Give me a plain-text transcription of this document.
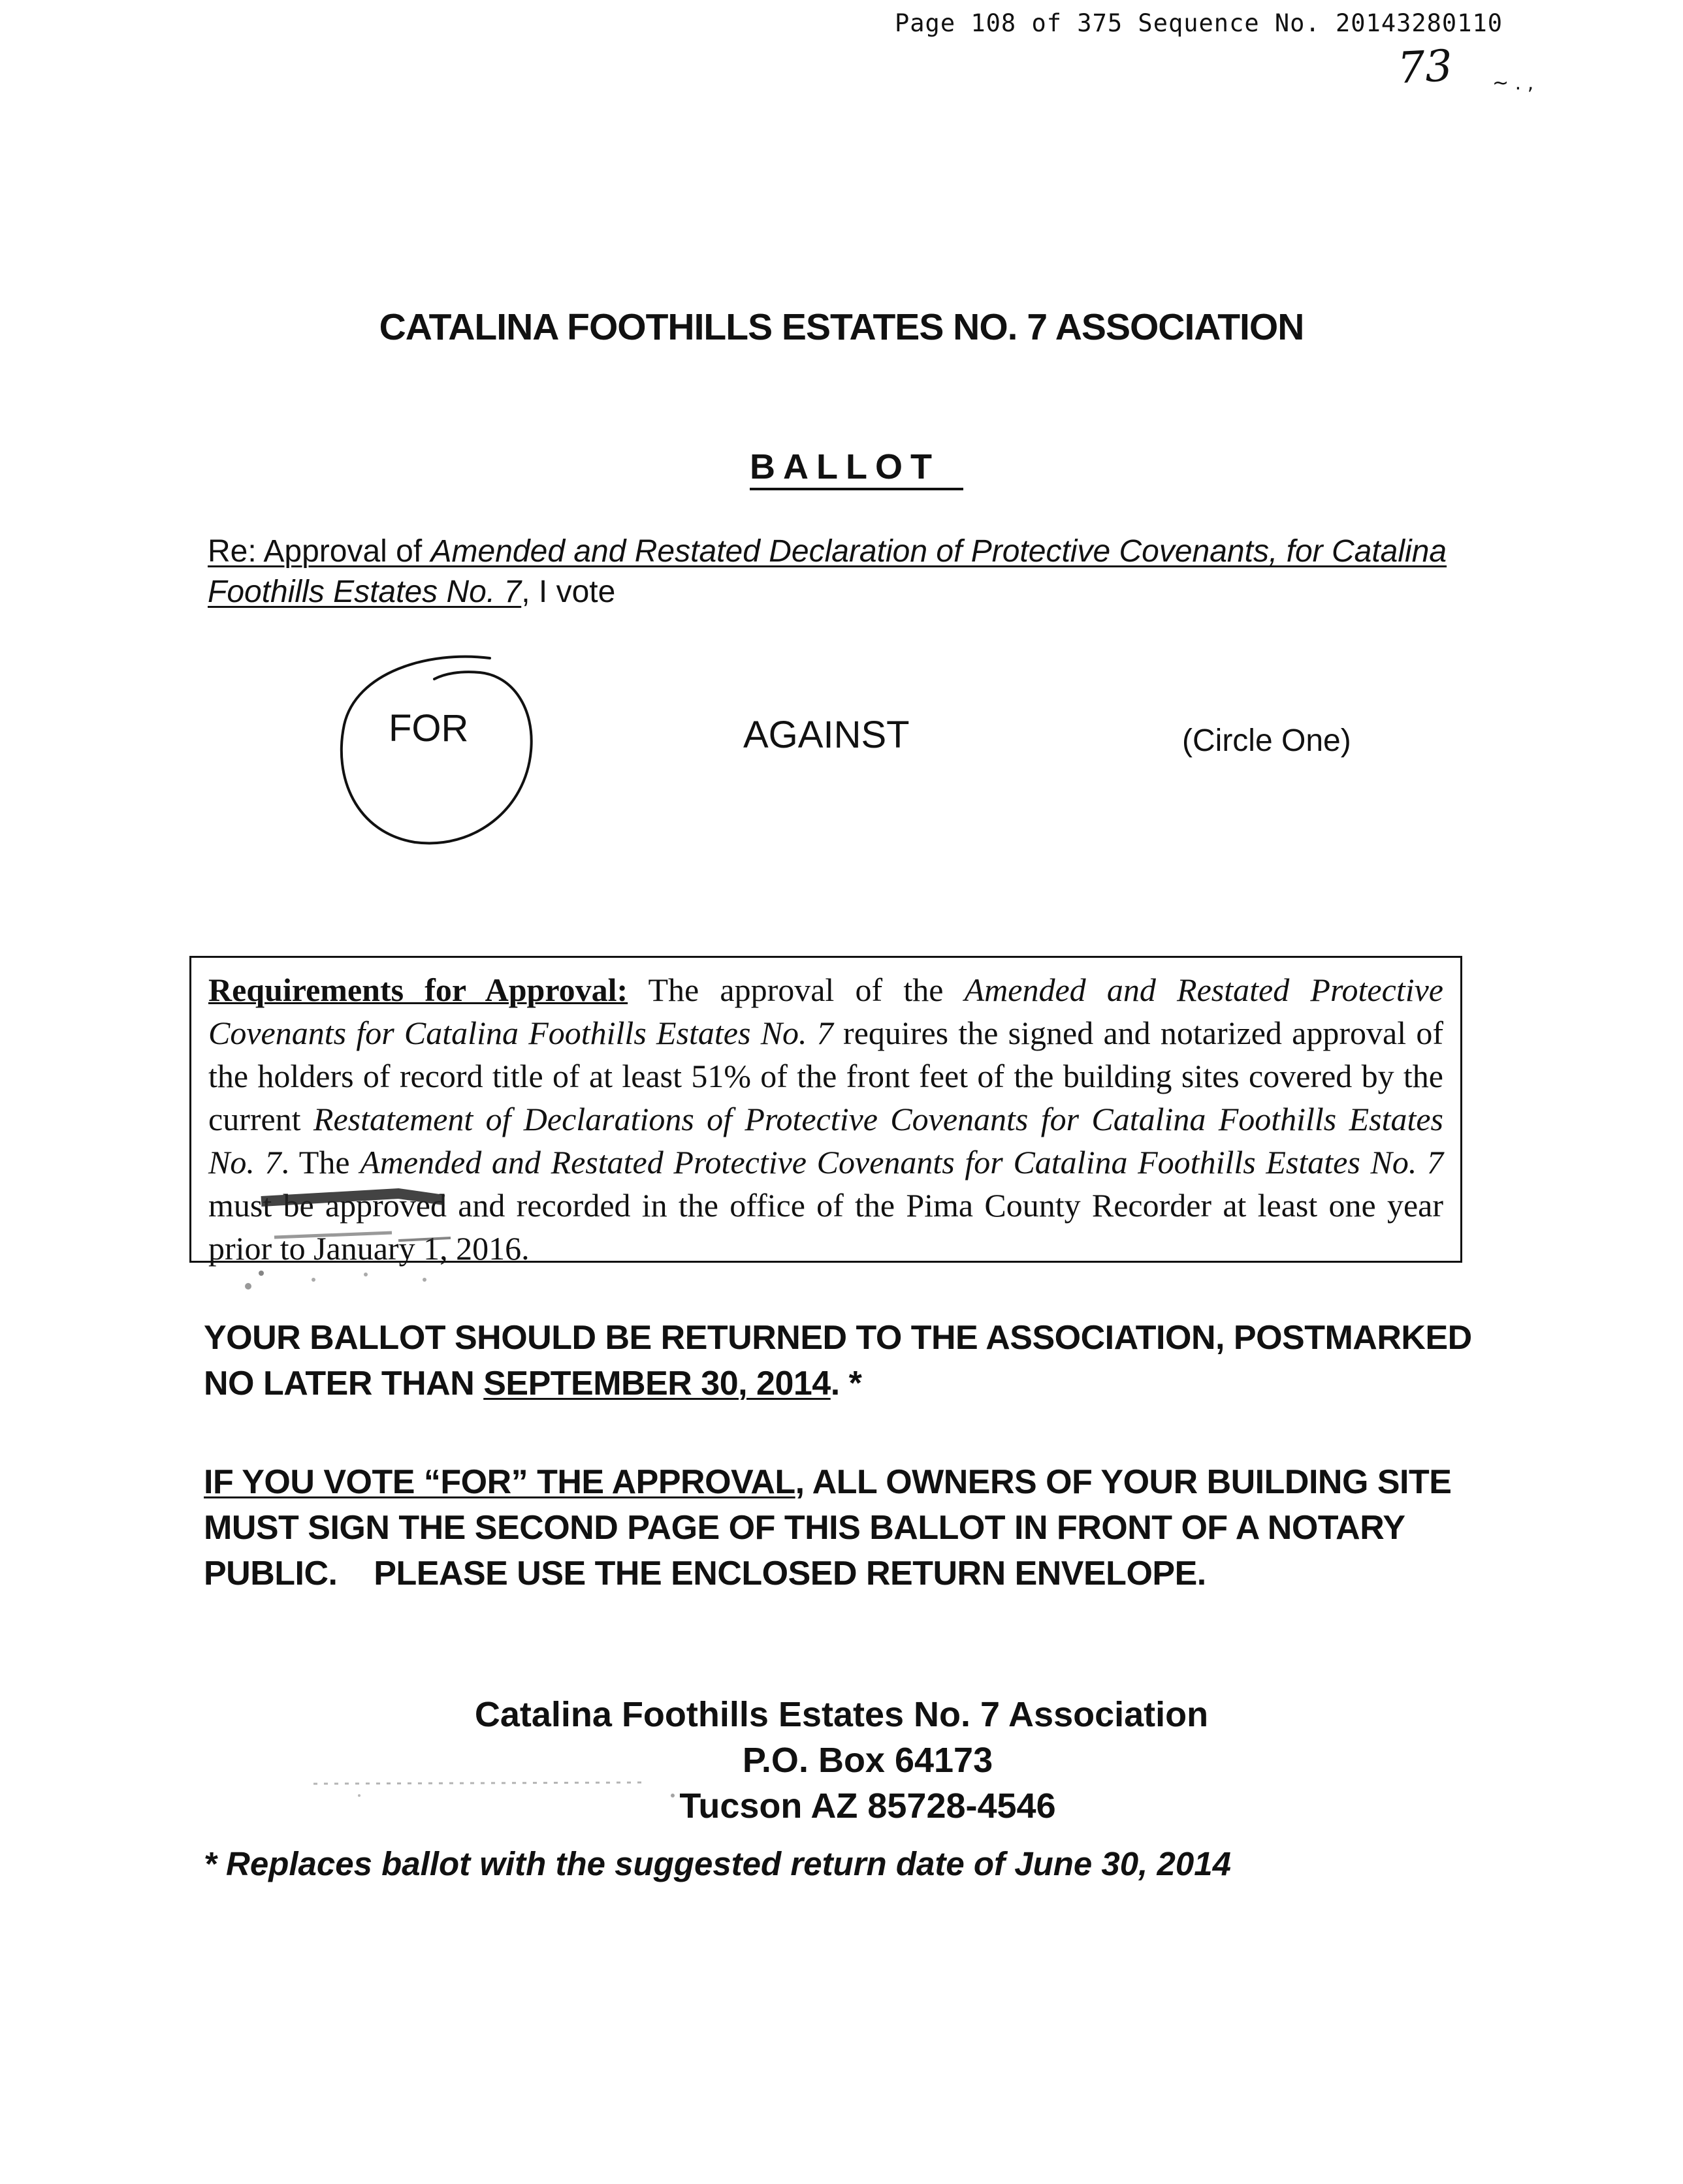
Page 108 of 375 Sequence No. 20143280110
73 ~ . ,
CATALINA FOOTHILLS ESTATES NO. 7 ASSOCIATION
BALLOT
Re: Approval of Amended and Restated Declaration of Protective Covenants, for Catalina Foothills Estates No. 7, I vote
FOR	AGAINST	(Circle One)
Requirements for Approval: The approval of the Amended and Restated Protective Covenants for Catalina Foothills Estates No. 7 requires the signed and notarized approval of the holders of record title of at least 51% of the front feet of the building sites covered by the current Restatement of Declarations of Protective Covenants for Catalina Foothills Estates No. 7. The Amended and Restated Protective Covenants for Catalina Foothills Estates No. 7 must be approved and recorded in the office of the Pima County Recorder at least one year prior to January 1, 2016.
YOUR BALLOT SHOULD BE RETURNED TO THE ASSOCIATION, POSTMARKED
NO LATER THAN SEPTEMBER 30, 2014. *
IF YOU VOTE “FOR” THE APPROVAL, ALL OWNERS OF YOUR BUILDING SITE
MUST SIGN THE SECOND PAGE OF THIS BALLOT IN FRONT OF A NOTARY
PUBLIC.    PLEASE USE THE ENCLOSED RETURN ENVELOPE.
Catalina Foothills Estates No. 7 Association
P.O. Box 64173
Tucson AZ 85728-4546
* Replaces ballot with the suggested return date of June 30, 2014
